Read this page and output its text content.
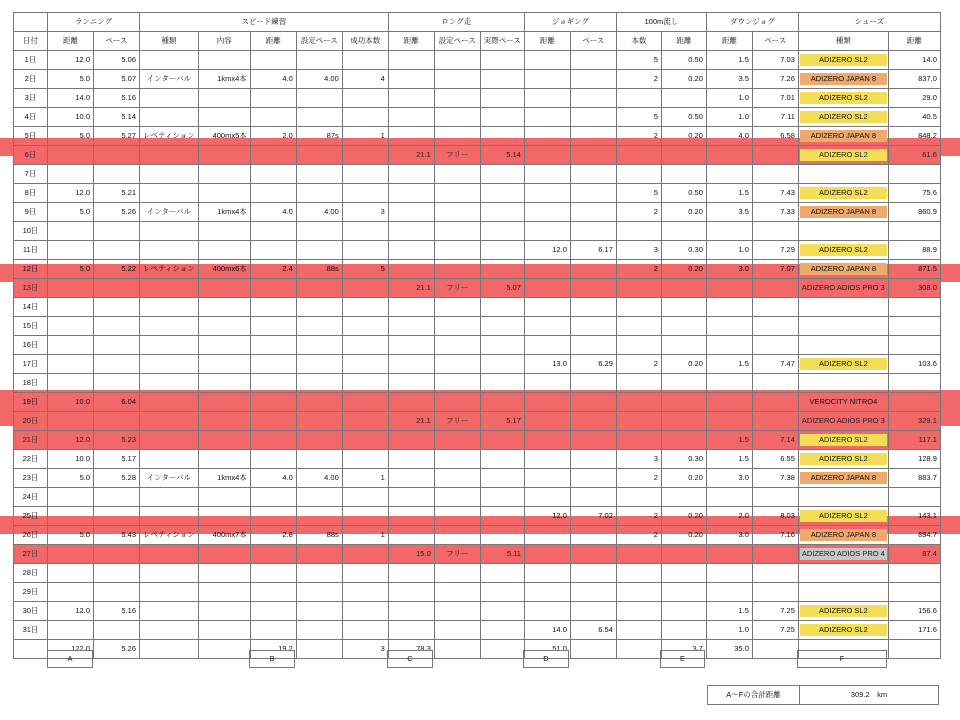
	ランニング		スピード練習					ロング走			ジョギング		100m流し		ダウンジョグ		シューズ	
日付	距離	ペース	種類	内容	距離	設定ペース	成功本数	距離	設定ペース	実際ペース	距離	ペース	本数	距離	距離	ペース	種類	距離
1日	12.0	5.06											5	0.50	1.5	7.03	ADIZERO SL2	14.0
2日	5.0	5.07	インターバル	1kmx4本	4.0	4.00	4						2	0.20	3.5	7.26	ADIZERO JAPAN 8	837.0
3日	14.0	5.16													1.0	7.01	ADIZERO SL2	29.0
4日	10.0	5.14											5	0.50	1.0	7.11	ADIZERO SL2	40.5
5日	5.0	5.27	レペティション	400mx5本	2.0	87s	1						2	0.20	4.0	6.58	ADIZERO JAPAN 8	848.2
6日								21.1	フリー	5.14							ADIZERO SL2	61.6
7日																		
8日	12.0	5.21											5	0.50	1.5	7.43	ADIZERO SL2	75.6
9日	5.0	5.26	インターバル	1kmx4本	4.0	4.00	3						2	0.20	3.5	7.33	ADIZERO JAPAN 8	860.9
10日																		
11日											12.0	6.17	3	0.30	1.0	7.29	ADIZERO SL2	88.9
12日	5.0	5.22	レペティション	400mx6本	2.4	88s	5						2	0.20	3.0	7.07	ADIZERO JAPAN 8	871.5
13日								21.1	フリー	5.07							ADIZERO ADIOS PRO 3	308.0
14日																		
15日																		
16日																		
17日											13.0	6.29	2	0.20	1.5	7.47	ADIZERO SL2	103.6
18日																		
19日	10.0	6.04															VEROCITY NITRO4	

20日								21.1	フリー	5.17							ADIZERO ADIOS PRO 3	329.1
21日	12.0	5.23													1.5	7.14	ADIZERO SL2	117.1
22日	10.0	5.17											3	0.30	1.5	6.55	ADIZERO SL2	128.9
23日	5.0	5.28	インターバル	1kmx4本	4.0	4.00	1						2	0.20	3.0	7.38	ADIZERO JAPAN 8	883.7
24日																		
25日											12.0	7.02	2	0.20	2.0	8.03	ADIZERO SL2	143.1
26日	5.0	5.43	レペティション	400mx7本	2.8	88s	1						2	0.20	3.0	7.16	ADIZERO JAPAN 8	894.7
27日								15.0	フリー	5.11							ADIZERO ADIOS PRO 4	87.4
28日																		
29日																		
30日	12.0	5.16													1.5	7.25	ADIZERO SL2	156.6
31日											14.0	6.54			1.0	7.25	ADIZERO SL2	171.6
	122.0	5.26			19.2		3	78.3			51.0			3.7	35.0			
A	B	C	D	E	F
A〜Fの合計距離	309.2　km
